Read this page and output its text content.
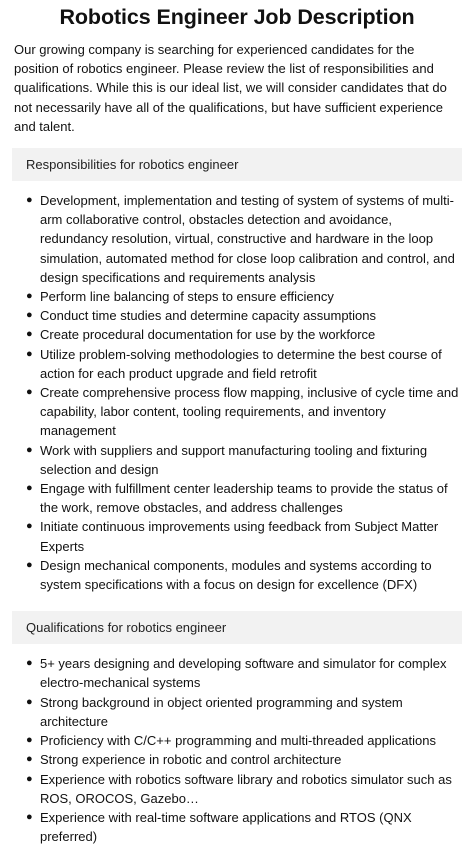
Robotics Engineer Job Description

Our growing company is searching for experienced candidates for the position of robotics engineer. Please review the list of responsibilities and qualifications. While this is our ideal list, we will consider candidates that do not necessarily have all of the qualifications, but have sufficient experience and talent.

Responsibilities for robotics engineer
● Development, implementation and testing of system of systems of multi-arm collaborative control, obstacles detection and avoidance, redundancy resolution, virtual, constructive and hardware in the loop simulation, automated method for close loop calibration and control, and design specifications and requirements analysis
● Perform line balancing of steps to ensure efficiency
● Conduct time studies and determine capacity assumptions
● Create procedural documentation for use by the workforce
● Utilize problem-solving methodologies to determine the best course of action for each product upgrade and field retrofit
● Create comprehensive process flow mapping, inclusive of cycle time and capability, labor content, tooling requirements, and inventory management
● Work with suppliers and support manufacturing tooling and fixturing selection and design
● Engage with fulfillment center leadership teams to provide the status of the work, remove obstacles, and address challenges
● Initiate continuous improvements using feedback from Subject Matter Experts
● Design mechanical components, modules and systems according to system specifications with a focus on design for excellence (DFX)
Qualifications for robotics engineer
● 5+ years designing and developing software and simulator for complex electro-mechanical systems
● Strong background in object oriented programming and system architecture
● Proficiency with C/C++ programming and multi-threaded applications
● Strong experience in robotic and control architecture
● Experience with robotics software library and robotics simulator such as ROS, OROCOS, Gazebo…
● Experience with real-time software applications and RTOS (QNX preferred)
